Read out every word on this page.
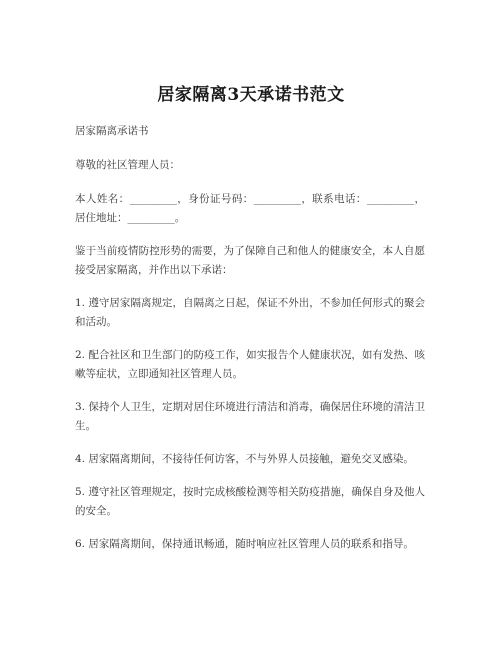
居家隔离3天承诺书范文

居家隔离承诺书

尊敬的社区管理人员：

本人姓名：_________，身份证号码：_________，联系电话：_________，居住地址：_________。

鉴于当前疫情防控形势的需要，为了保障自己和他人的健康安全，本人自愿接受居家隔离，并作出以下承诺：

1. 遵守居家隔离规定，自隔离之日起，保证不外出，不参加任何形式的聚会和活动。

2. 配合社区和卫生部门的防疫工作，如实报告个人健康状况，如有发热、咳嗽等症状，立即通知社区管理人员。

3. 保持个人卫生，定期对居住环境进行清洁和消毒，确保居住环境的清洁卫生。

4. 居家隔离期间，不接待任何访客，不与外界人员接触，避免交叉感染。

5. 遵守社区管理规定，按时完成核酸检测等相关防疫措施，确保自身及他人的安全。

6. 居家隔离期间，保持通讯畅通，随时响应社区管理人员的联系和指导。
